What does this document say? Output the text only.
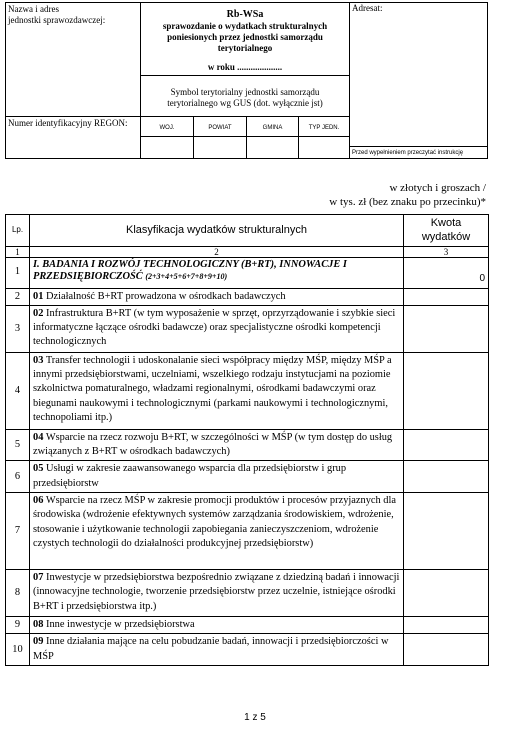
Nazwa i adres
jednostki sprawozdawczej:	Rb-WSa
sprawozdanie o wydatkach strukturalnych
poniesionych przez jednostki samorządu
terytorialnego
w roku ....................
Symbol terytorialny jednostki samorządu
terytorialnego wg GUS (dot. wyłącznie jst)
Adresat:
Numer identyfikacyjny REGON:	WOJ.	POWIAT	GMINA	TYP JEDN.
Przed wypełnieniem przeczytać instrukcję
w złotych i groszach /
w tys. zł (bez znaku po przecinku)*
Lp.	Klasyfikacja wydatków strukturalnych	Kwota wydatków
1	2	3
1	I. BADANIA I ROZWÓJ TECHNOLOGICZNY (B+RT), INNOWACJE I PRZEDSIĘBIORCZOŚĆ (2+3+4+5+6+7+8+9+10)	0
2	01 Działalność B+RT prowadzona w ośrodkach badawczych	
3	02 Infrastruktura B+RT (w tym wyposażenie w sprzęt, oprzyrządowanie i szybkie sieci informatyczne łączące ośrodki badawcze) oraz specjalistyczne ośrodki kompetencji technologicznych	
4	03 Transfer technologii i udoskonalanie sieci współpracy między MŚP, między MŚP a innymi przedsiębiorstwami, uczelniami, wszelkiego rodzaju instytucjami na poziomie szkolnictwa pomaturalnego, władzami regionalnymi, ośrodkami badawczymi oraz biegunami naukowymi i technologicznymi (parkami naukowymi i technologicznymi, technopoliami itp.)	
5	04 Wsparcie na rzecz rozwoju B+RT, w szczególności w MŚP (w tym dostęp do usług związanych z B+RT w ośrodkach badawczych)	
6	05 Usługi w zakresie zaawansowanego wsparcia dla przedsiębiorstw i grup przedsiębiorstw	
7	06 Wsparcie na rzecz MŚP w zakresie promocji produktów i procesów przyjaznych dla środowiska (wdrożenie efektywnych systemów zarządzania środowiskiem, wdrożenie, stosowanie i użytkowanie technologii zapobiegania zanieczyszczeniom, wdrożenie czystych technologii do działalności produkcyjnej przedsiębiorstw)	
8	07 Inwestycje w przedsiębiorstwa bezpośrednio związane z dziedziną badań i innowacji (innowacyjne technologie, tworzenie przedsiębiorstw przez uczelnie, istniejące ośrodki B+RT i przedsiębiorstwa itp.)	
9	08 Inne inwestycje w przedsiębiorstwa	
10	09 Inne działania mające na celu pobudzanie badań, innowacji i przedsiębiorczości w MŚP	
1 z 5
